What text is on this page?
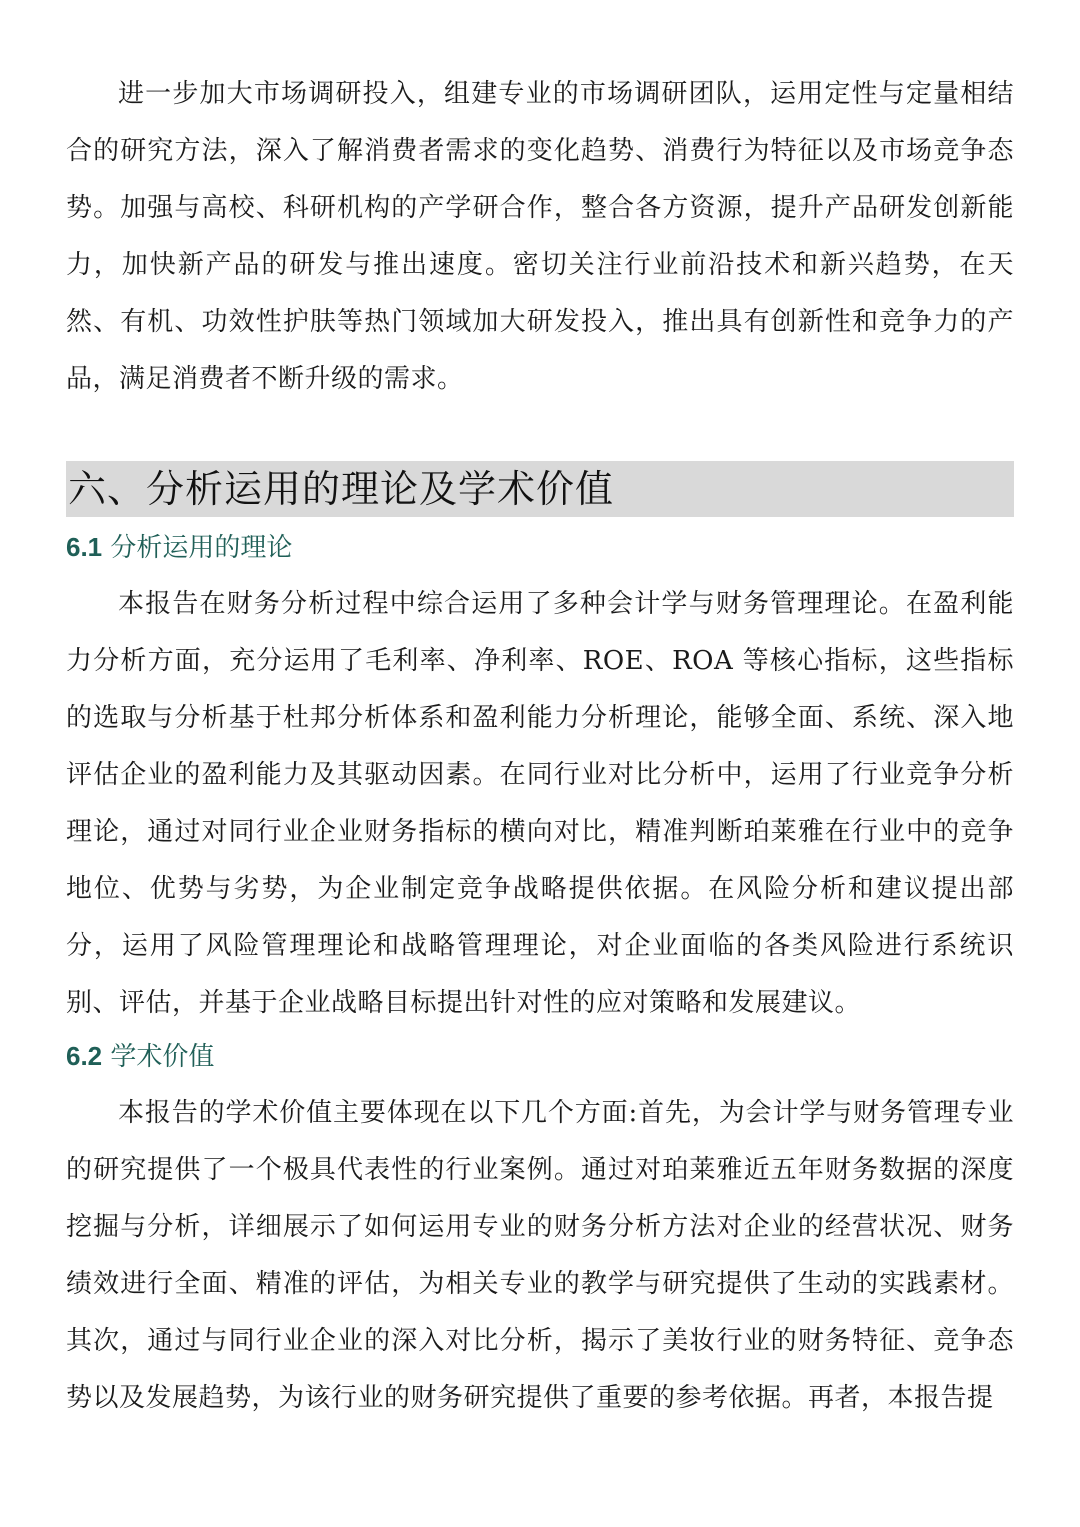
进一步加大市场调研投入，组建专业的市场调研团队，运用定性与定量相结合的研究方法，深入了解消费者需求的变化趋势、消费行为特征以及市场竞争态势。加强与高校、科研机构的产学研合作，整合各方资源，提升产品研发创新能力，加快新产品的研发与推出速度。密切关注行业前沿技术和新兴趋势，在天然、有机、功效性护肤等热门领域加大研发投入，推出具有创新性和竞争力的产品，满足消费者不断升级的需求。

六、分析运用的理论及学术价值
6.1 分析运用的理论

本报告在财务分析过程中综合运用了多种会计学与财务管理理论。在盈利能力分析方面，充分运用了毛利率、净利率、ROE、ROA 等核心指标，这些指标的选取与分析基于杜邦分析体系和盈利能力分析理论，能够全面、系统、深入地评估企业的盈利能力及其驱动因素。在同行业对比分析中，运用了行业竞争分析理论，通过对同行业企业财务指标的横向对比，精准判断珀莱雅在行业中的竞争地位、优势与劣势，为企业制定竞争战略提供依据。在风险分析和建议提出部分，运用了风险管理理论和战略管理理论，对企业面临的各类风险进行系统识别、评估，并基于企业战略目标提出针对性的应对策略和发展建议。

6.2 学术价值

本报告的学术价值主要体现在以下几个方面:首先，为会计学与财务管理专业的研究提供了一个极具代表性的行业案例。通过对珀莱雅近五年财务数据的深度挖掘与分析，详细展示了如何运用专业的财务分析方法对企业的经营状况、财务绩效进行全面、精准的评估，为相关专业的教学与研究提供了生动的实践素材。其次，通过与同行业企业的深入对比分析，揭示了美妆行业的财务特征、竞争态势以及发展趋势，为该行业的财务研究提供了重要的参考依据。再者，本报告提
